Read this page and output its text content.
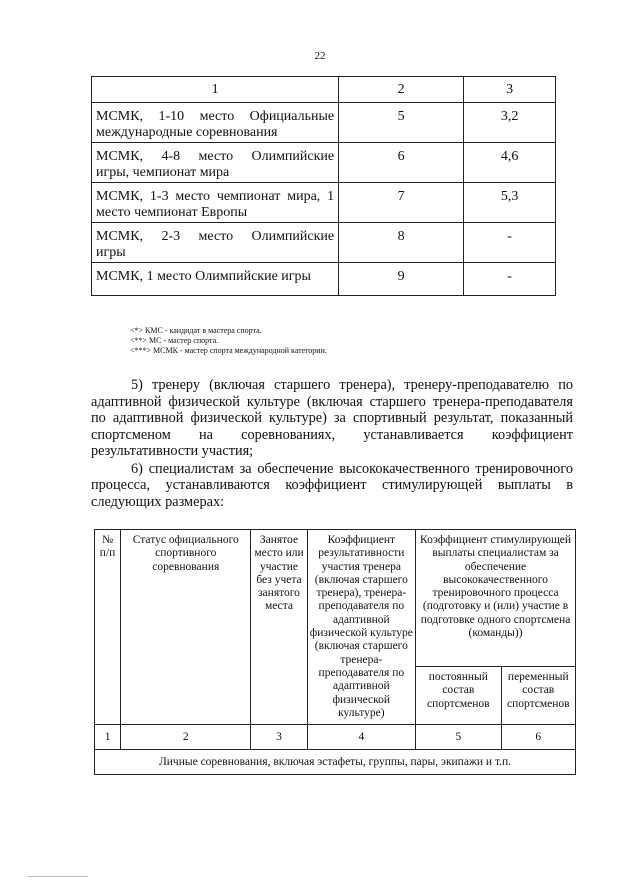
22
1	2	3

МСМК, 1-10 место Официальные
международные соревнования	5	3,2

МСМК, 4-8 место Олимпийские
игры, чемпионат мира	6	4,6

МСМК, 1-3 место чемпионат мира, 1
место чемпионат Европы	7	5,3

МСМК, 2-3 место Олимпийские
игры	8	-

МСМК, 1 место Олимпийские игры	9	-
<*> КМС - кандидат в мастера спорта.
<**> МС - мастер спорта.
<***> МСМК - мастер спорта международной категории.

5) тренеру (включая старшего тренера), тренеру-преподавателю по адаптивной физической культуре (включая старшего тренера-преподавателя по адаптивной физической культуре) за спортивный результат, показанный спортсменом на соревнованиях, устанавливается коэффициент результативности участия;

6) специалистам за обеспечение высококачественного тренировочного процесса, устанавливаются коэффициент стимулирующей выплаты в следующих размерах:

№ п/п	Статус официального спортивного соревнования	Занятое место или участие без учета занятого места	Коэффициент результативности участия тренера (включая старшего тренера), тренера-преподавателя по адаптивной физической культуре (включая старшего тренера-преподавателя по адаптивной физической культуре)	Коэффициент стимулирующей выплаты специалистам за обеспечение высококачественного тренировочного процесса (подготовку и (или) участие в подготовке одного спортсмена (команды))	
				постоянный состав спортсменов	переменный состав спортсменов
1	2	3	4	5	6
Личные соревнования, включая эстафеты, группы, пары, экипажи и т.п.					
